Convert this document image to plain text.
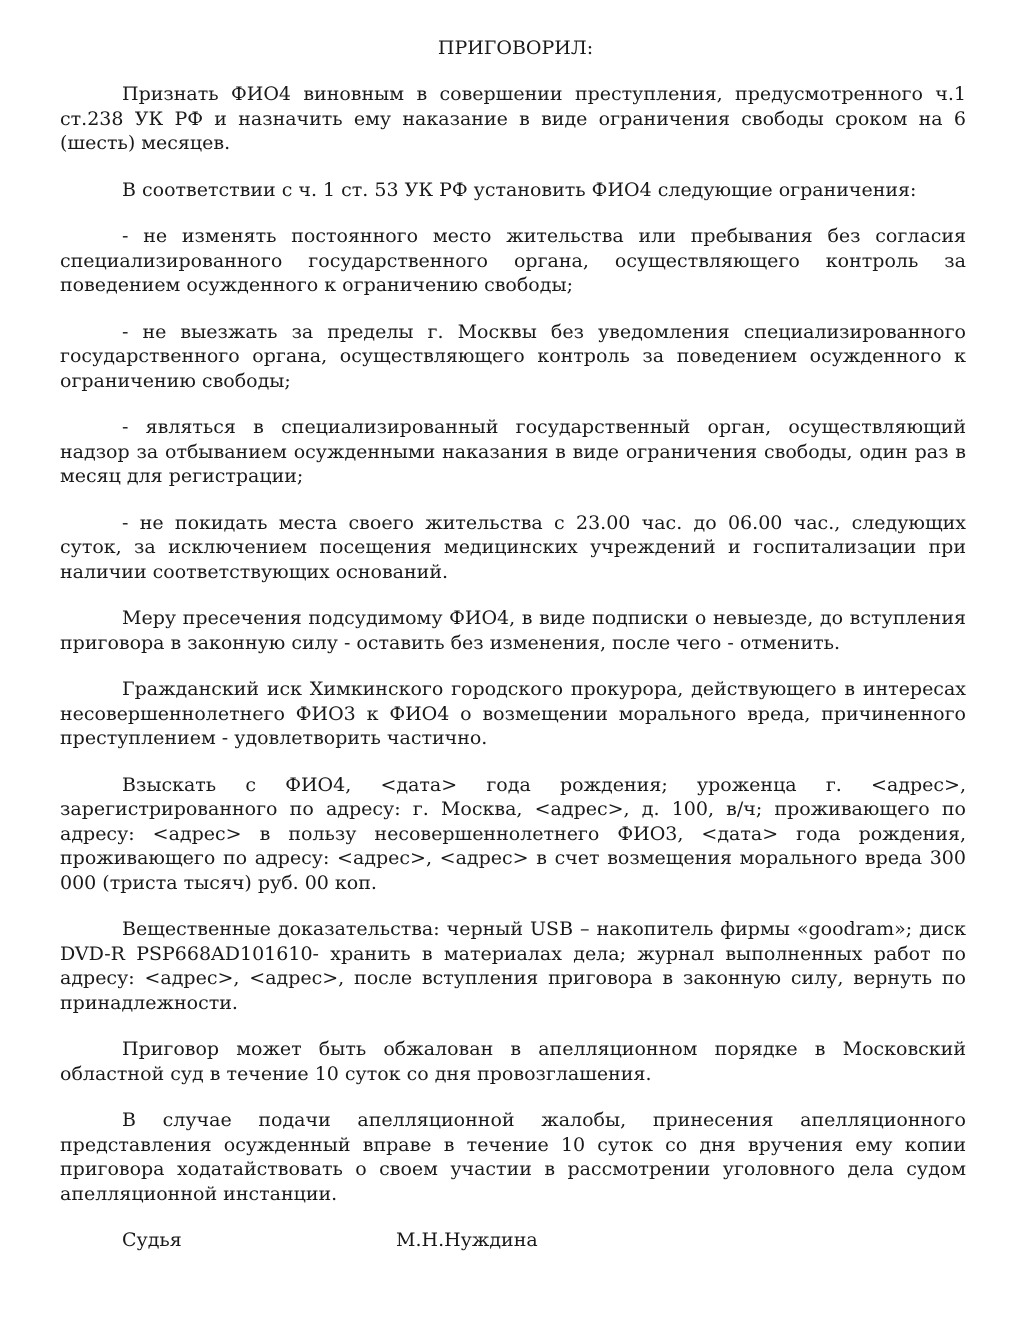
ПРИГОВОРИЛ:

Признать ФИО4 виновным в совершении преступления, предусмотренного ч.1 ст.238 УК РФ и назначить ему наказание в виде ограничения свободы сроком на 6 (шесть) месяцев.

В соответствии с ч. 1 ст. 53 УК РФ установить ФИО4 следующие ограничения:

- не изменять постоянного место жительства или пребывания без согласия специализированного государственного органа, осуществляющего контроль за поведением осужденного к ограничению свободы;

- не выезжать за пределы г. Москвы без уведомления специализированного государственного органа, осуществляющего контроль за поведением осужденного к ограничению свободы;

- являться в специализированный государственный орган, осуществляющий надзор за отбыванием осужденными наказания в виде ограничения свободы, один раз в месяц для регистрации;

- не покидать места своего жительства с 23.00 час. до 06.00 час., следующих суток, за исключением посещения медицинских учреждений и госпитализации при наличии соответствующих оснований.

Меру пресечения подсудимому ФИО4, в виде подписки о невыезде, до вступления приговора в законную силу - оставить без изменения, после чего - отменить.

Гражданский иск Химкинского городского прокурора, действующего в интересах несовершеннолетнего ФИО3 к ФИО4 о возмещении морального вреда, причиненного преступлением - удовлетворить частично.

Взыскать с ФИО4, <дата> года рождения; уроженца г. <адрес>, зарегистрированного по адресу: г. Москва, <адрес>, д. 100, в/ч; проживающего по адресу: <адрес> в пользу несовершеннолетнего ФИО3, <дата> года рождения, проживающего по адресу: <адрес>, <адрес> в счет возмещения морального вреда 300 000 (триста тысяч) руб. 00 коп.

Вещественные доказательства: черный USB – накопитель фирмы «goodram»; диск DVD-R PSP668AD101610- хранить в материалах дела; журнал выполненных работ по адресу: <адрес>, <адрес>, после вступления приговора в законную силу, вернуть по принадлежности.

Приговор может быть обжалован в апелляционном порядке в Московский областной суд в течение 10 суток со дня провозглашения.

В случае подачи апелляционной жалобы, принесения апелляционного представления осужденный вправе в течение 10 суток со дня вручения ему копии приговора ходатайствовать о своем участии в рассмотрении уголовного дела судом апелляционной инстанции.

Судья	М.Н.Нуждина
